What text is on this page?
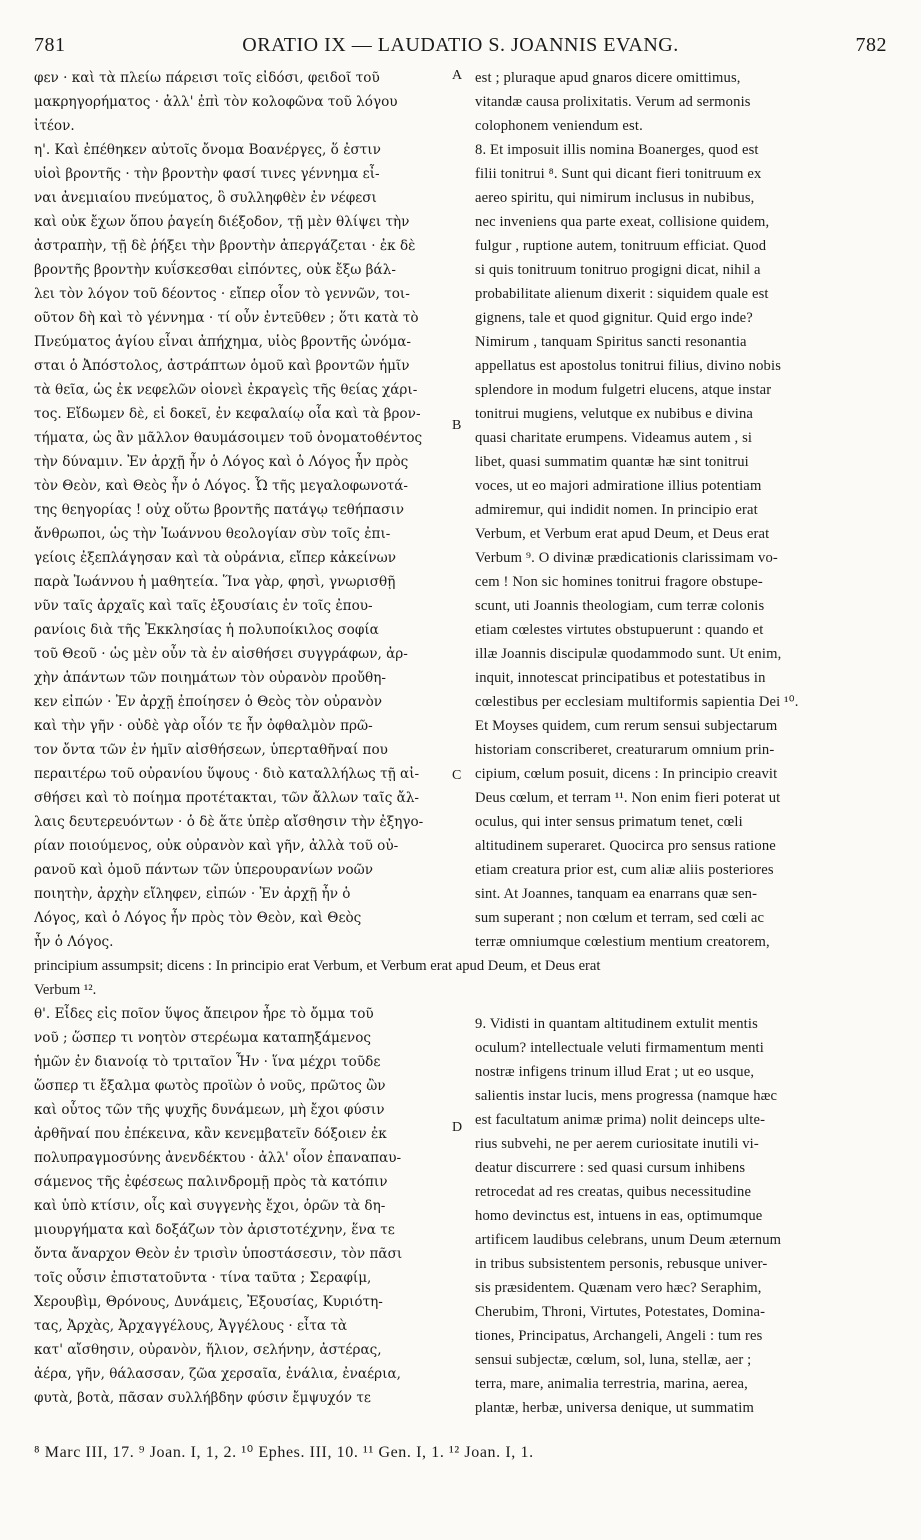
781	ORATIO IX — LAUDATIO S. JOANNIS EVANG.	782

φεν · καὶ τὰ πλείω πάρεισι τοῖς εἰδόσι, φειδοῖ τοῦ

μακρηγορήματος · ἀλλ' ἐπὶ τὸν κολοφῶνα τοῦ λόγου

ἰτέον.

η'. Καὶ ἐπέθηκεν αὐτοῖς ὄνομα Βοανέργες, ὅ ἐστιν

υἱοὶ βροντῆς · τὴν βροντὴν φασί τινες γέννημα εἶ-

ναι ἀνεμιαίου πνεύματος, ὃ συλληφθὲν ἐν νέφεσι

καὶ οὐκ ἔχων ὅπου ῥαγείη διέξοδον, τῇ μὲν θλίψει τὴν

ἀστραπὴν, τῇ δὲ ῥήξει τὴν βροντὴν ἀπεργάζεται · ἐκ δὲ

βροντῆς βροντὴν κυΐσκεσθαι εἰπόντες, οὐκ ἔξω βάλ-

λει τὸν λόγον τοῦ δέοντος · εἴπερ οἷον τὸ γεννῶν, τοι-

οῦτον δὴ καὶ τὸ γέννημα · τί οὖν ἐντεῦθεν ; ὅτι κατὰ τὸ

Πνεύματος ἁγίου εἶναι ἀπήχημα, υἱὸς βροντῆς ὠνόμα-

σται ὁ Ἀπόστολος, ἀστράπτων ὁμοῦ καὶ βροντῶν ἡμῖν

τὰ θεῖα, ὡς ἐκ νεφελῶν οἱονεὶ ἐκραγεὶς τῆς θείας χάρι-

τος. Εἴδωμεν δὲ, εἰ δοκεῖ, ἐν κεφαλαίῳ οἷα καὶ τὰ βρον-

τήματα, ὡς ἂν μᾶλλον θαυμάσοιμεν τοῦ ὀνοματοθέντος

τὴν δύναμιν. Ἐν ἀρχῇ ἦν ὁ Λόγος καὶ ὁ Λόγος ἦν πρὸς

τὸν Θεὸν, καὶ Θεὸς ἦν ὁ Λόγος. Ὦ τῆς μεγαλοφωνοτά-

της θεηγορίας ! οὐχ οὕτω βροντῆς πατάγῳ τεθήπασιν

ἄνθρωποι, ὡς τὴν Ἰωάννου θεολογίαν σὺν τοῖς ἐπι-

γείοις ἐξεπλάγησαν καὶ τὰ οὐράνια, εἴπερ κἀκείνων

παρὰ Ἰωάννου ἡ μαθητεία. Ἵνα γὰρ, φησὶ, γνωρισθῇ

νῦν ταῖς ἀρχαῖς καὶ ταῖς ἐξουσίαις ἐν τοῖς ἐπου-

ρανίοις διὰ τῆς Ἐκκλησίας ἡ πολυποίκιλος σοφία

τοῦ Θεοῦ · ὡς μὲν οὖν τὰ ἐν αἰσθήσει συγγράφων, ἀρ-

χὴν ἁπάντων τῶν ποιημάτων τὸν οὐρανὸν προὔθη-

κεν εἰπών · Ἐν ἀρχῇ ἐποίησεν ὁ Θεὸς τὸν οὐρανὸν

καὶ τὴν γῆν · οὐδὲ γὰρ οἷόν τε ἦν ὀφθαλμὸν πρῶ-

τον ὄντα τῶν ἐν ἡμῖν αἰσθήσεων, ὑπερταθῆναί που

περαιτέρω τοῦ οὐρανίου ὕψους · διὸ καταλλήλως τῇ αἰ-

σθήσει καὶ τὸ ποίημα προτέτακται, τῶν ἄλλων ταῖς ἄλ-

λαις δευτερευόντων · ὁ δὲ ἅτε ὑπὲρ αἴσθησιν τὴν ἐξηγο-

ρίαν ποιούμενος, οὐκ οὐρανὸν καὶ γῆν, ἀλλὰ τοῦ οὐ-

ρανοῦ καὶ ὁμοῦ πάντων τῶν ὑπερουρανίων νοῶν

ποιητὴν, ἀρχὴν εἴληφεν, εἰπών · Ἐν ἀρχῇ ἦν ὁ

Λόγος, καὶ ὁ Λόγος ἦν πρὸς τὸν Θεὸν, καὶ Θεὸς

ἦν ὁ Λόγος.

est ; pluraque apud gnaros dicere omittimus,

vitandæ causa prolixitatis. Verum ad sermonis

colophonem veniendum est.

8. Et imposuit illis nomina Boanerges, quod est

filii tonitrui ⁸. Sunt qui dicant fieri tonitruum ex

aereo spiritu, qui nimirum inclusus in nubibus,

nec inveniens qua parte exeat, collisione quidem,

fulgur , ruptione autem, tonitruum efficiat. Quod

si quis tonitruum tonitruo progigni dicat, nihil a

probabilitate alienum dixerit : siquidem quale est

gignens, tale et quod gignitur. Quid ergo inde?

Nimirum , tanquam Spiritus sancti resonantia

appellatus est apostolus tonitrui filius, divino nobis

splendore in modum fulgetri elucens, atque instar

tonitrui mugiens, velutque ex nubibus e divina

quasi charitate erumpens. Videamus autem , si

libet, quasi summatim quantæ hæ sint tonitrui

voces, ut eo majori admiratione illius potentiam

admiremur, qui indidit nomen. In principio erat

Verbum, et Verbum erat apud Deum, et Deus erat

Verbum ⁹. O divinæ prædicationis clarissimam vo-

cem ! Non sic homines tonitrui fragore obstupe-

scunt, uti Joannis theologiam, cum terræ colonis

etiam cœlestes virtutes obstupuerunt : quando et

illæ Joannis discipulæ quodammodo sunt. Ut enim,

inquit, innotescat principatibus et potestatibus in

cœlestibus per ecclesiam multiformis sapientia Dei ¹⁰.

Et Moyses quidem, cum rerum sensui subjectarum

historiam conscriberet, creaturarum omnium prin-

cipium, cœlum posuit, dicens : In principio creavit

Deus cœlum, et terram ¹¹. Non enim fieri poterat ut

oculus, qui inter sensus primatum tenet, cœli

altitudinem superaret. Quocirca pro sensus ratione

etiam creatura prior est, cum aliæ aliis posteriores

sint. At Joannes, tanquam ea enarrans quæ sen-

sum superant ; non cœlum et terram, sed cœli ac

terræ omniumque cœlestium mentium creatorem,

principium assumpsit; dicens : In principio erat Verbum, et Verbum erat apud Deum, et Deus erat

Verbum ¹².

θ'. Εἶδες εἰς ποῖον ὕψος ἄπειρον ἦρε τὸ ὄμμα τοῦ

νοῦ ; ὥσπερ τι νοητὸν στερέωμα καταπηξάμενος

ἡμῶν ἐν διανοίᾳ τὸ τριταῖον Ἦν · ἵνα μέχρι τοῦδε

ὥσπερ τι ἔξαλμα φωτὸς προϊὼν ὁ νοῦς, πρῶτος ὢν

καὶ οὗτος τῶν τῆς ψυχῆς δυνάμεων, μὴ ἔχοι φύσιν

ἀρθῆναί που ἐπέκεινα, κἂν κενεμβατεῖν δόξοιεν ἐκ

πολυπραγμοσύνης ἀνενδέκτου · ἀλλ' οἷον ἐπαναπαυ-

σάμενος τῆς ἐφέσεως παλινδρομῇ πρὸς τὰ κατόπιν

καὶ ὑπὸ κτίσιν, οἷς καὶ συγγενὴς ἔχοι, ὁρῶν τὰ δη-

μιουργήματα καὶ δοξάζων τὸν ἀριστοτέχνην, ἕνα τε

ὄντα ἄναρχον Θεὸν ἐν τρισὶν ὑποστάσεσιν, τὸν πᾶσι

τοῖς οὖσιν ἐπιστατοῦντα · τίνα ταῦτα ; Σεραφίμ,

Χερουβὶμ, Θρόνους, Δυνάμεις, Ἐξουσίας, Κυριότη-

τας, Ἀρχὰς, Ἀρχαγγέλους, Ἀγγέλους · εἶτα τὰ

κατ' αἴσθησιν, οὐρανὸν, ἥλιον, σελήνην, ἀστέρας,

ἀέρα, γῆν, θάλασσαν, ζῶα χερσαῖα, ἐνάλια, ἐναέρια,

φυτὰ, βοτὰ, πᾶσαν συλλήβδην φύσιν ἔμψυχόν τε

9. Vidisti in quantam altitudinem extulit mentis

oculum? intellectuale veluti firmamentum menti

nostræ infigens trinum illud Erat ; ut eo usque,

salientis instar lucis, mens progressa (namque hæc

est facultatum animæ prima) nolit deinceps ulte-

rius subvehi, ne per aerem curiositate inutili vi-

deatur discurrere : sed quasi cursum inhibens

retrocedat ad res creatas, quibus necessitudine

homo devinctus est, intuens in eas, optimumque

artificem laudibus celebrans, unum Deum æternum

in tribus subsistentem personis, rebusque univer-

sis præsidentem. Quænam vero hæc? Seraphim,

Cherubim, Throni, Virtutes, Potestates, Domina-

tiones, Principatus, Archangeli, Angeli : tum res

sensui subjectæ, cœlum, sol, luna, stellæ, aer ;

terra, mare, animalia terrestria, marina, aerea,

plantæ, herbæ, universa denique, ut summatim

A
B
C
D
⁸ Marc III, 17. ⁹ Joan. I, 1, 2. ¹⁰ Ephes. III, 10. ¹¹ Gen. I, 1. ¹² Joan. I, 1.
